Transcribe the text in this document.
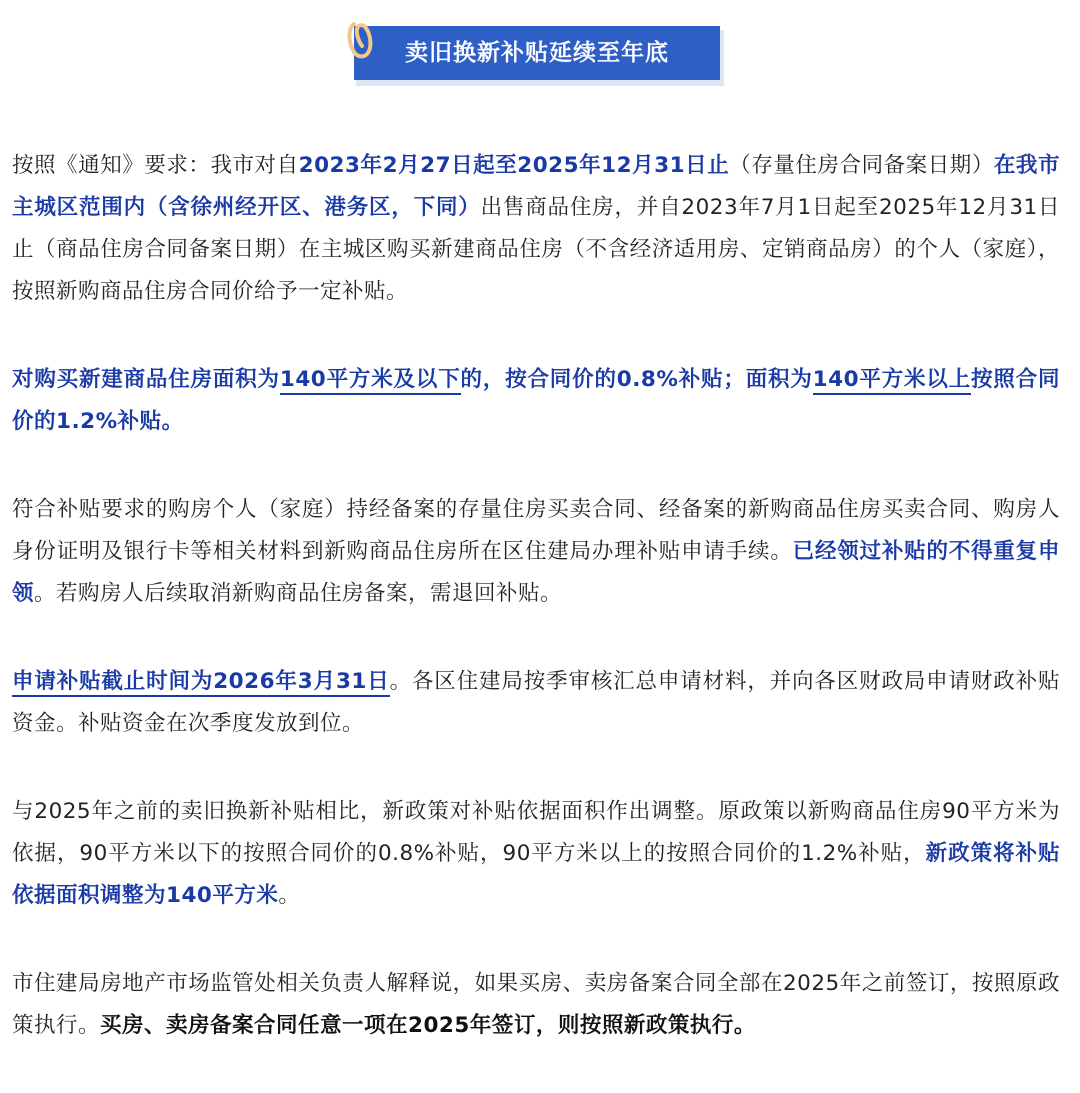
卖旧换新补贴延续至年底

按照《通知》要求：我市对自2023年2月27日起至2025年12月31日止（存量住房合同备案日期）在我市主城区范围内（含徐州经开区、港务区，下同）出售商品住房，并自2023年7月1日起至2025年12月31日止（商品住房合同备案日期）在主城区购买新建商品住房（不含经济适用房、定销商品房）的个人（家庭），按照新购商品住房合同价给予一定补贴。

对购买新建商品住房面积为140平方米及以下的，按合同价的0.8%补贴；面积为140平方米以上按照合同价的1.2%补贴。

符合补贴要求的购房个人（家庭）持经备案的存量住房买卖合同、经备案的新购商品住房买卖合同、购房人身份证明及银行卡等相关材料到新购商品住房所在区住建局办理补贴申请手续。已经领过补贴的不得重复申领。若购房人后续取消新购商品住房备案，需退回补贴。

申请补贴截止时间为2026年3月31日。各区住建局按季审核汇总申请材料，并向各区财政局申请财政补贴资金。补贴资金在次季度发放到位。

与2025年之前的卖旧换新补贴相比，新政策对补贴依据面积作出调整。原政策以新购商品住房90平方米为依据，90平方米以下的按照合同价的0.8%补贴，90平方米以上的按照合同价的1.2%补贴，新政策将补贴依据面积调整为140平方米。

市住建局房地产市场监管处相关负责人解释说，如果买房、卖房备案合同全部在2025年之前签订，按照原政策执行。买房、卖房备案合同任意一项在2025年签订，则按照新政策执行。
